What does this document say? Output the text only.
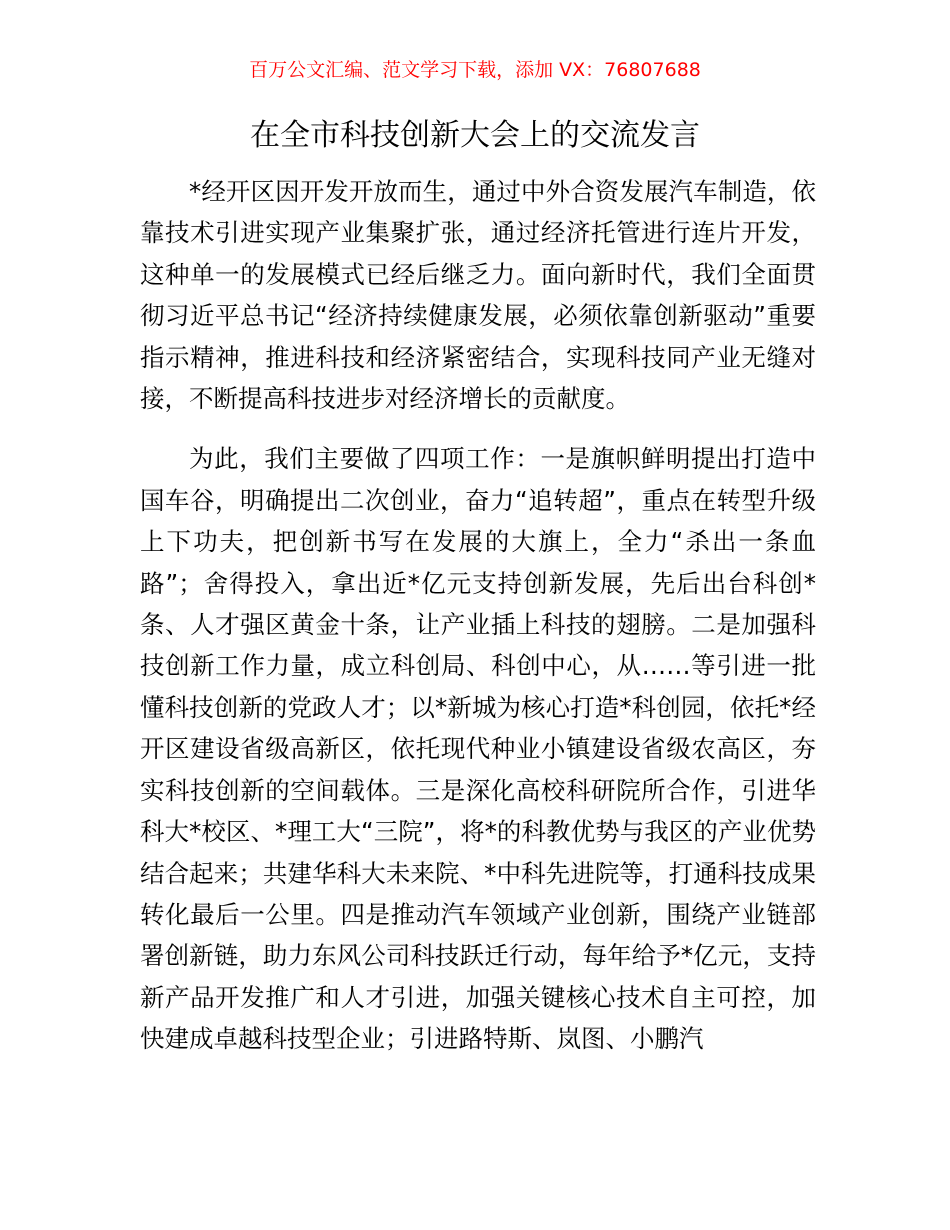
百万公文汇编、范文学习下载，添加 VX：76807688
在全市科技创新大会上的交流发言

*经开区因开发开放而生，通过中外合资发展汽车制造，依靠技术引进实现产业集聚扩张，通过经济托管进行连片开发，这种单一的发展模式已经后继乏力。面向新时代，我们全面贯彻习近平总书记“经济持续健康发展，必须依靠创新驱动”重要指示精神，推进科技和经济紧密结合，实现科技同产业无缝对接，不断提高科技进步对经济增长的贡献度。

为此，我们主要做了四项工作：一是旗帜鲜明提出打造中国车谷，明确提出二次创业，奋力“追转超”，重点在转型升级上下功夫，把创新书写在发展的大旗上，全力“杀出一条血路”；舍得投入，拿出近*亿元支持创新发展，先后出台科创*条、人才强区黄金十条，让产业插上科技的翅膀。二是加强科技创新工作力量，成立科创局、科创中心，从……等引进一批懂科技创新的党政人才；以*新城为核心打造*科创园，依托*经开区建设省级高新区，依托现代种业小镇建设省级农高区，夯实科技创新的空间载体。三是深化高校科研院所合作，引进华科大*校区、*理工大“三院”，将*的科教优势与我区的产业优势结合起来；共建华科大未来院、*中科先进院等，打通科技成果转化最后一公里。四是推动汽车领域产业创新，围绕产业链部署创新链，助力东风公司科技跃迁行动，每年给予*亿元，支持新产品开发推广和人才引进，加强关键核心技术自主可控，加快建成卓越科技型企业；引进路特斯、岚图、小鹏汽
